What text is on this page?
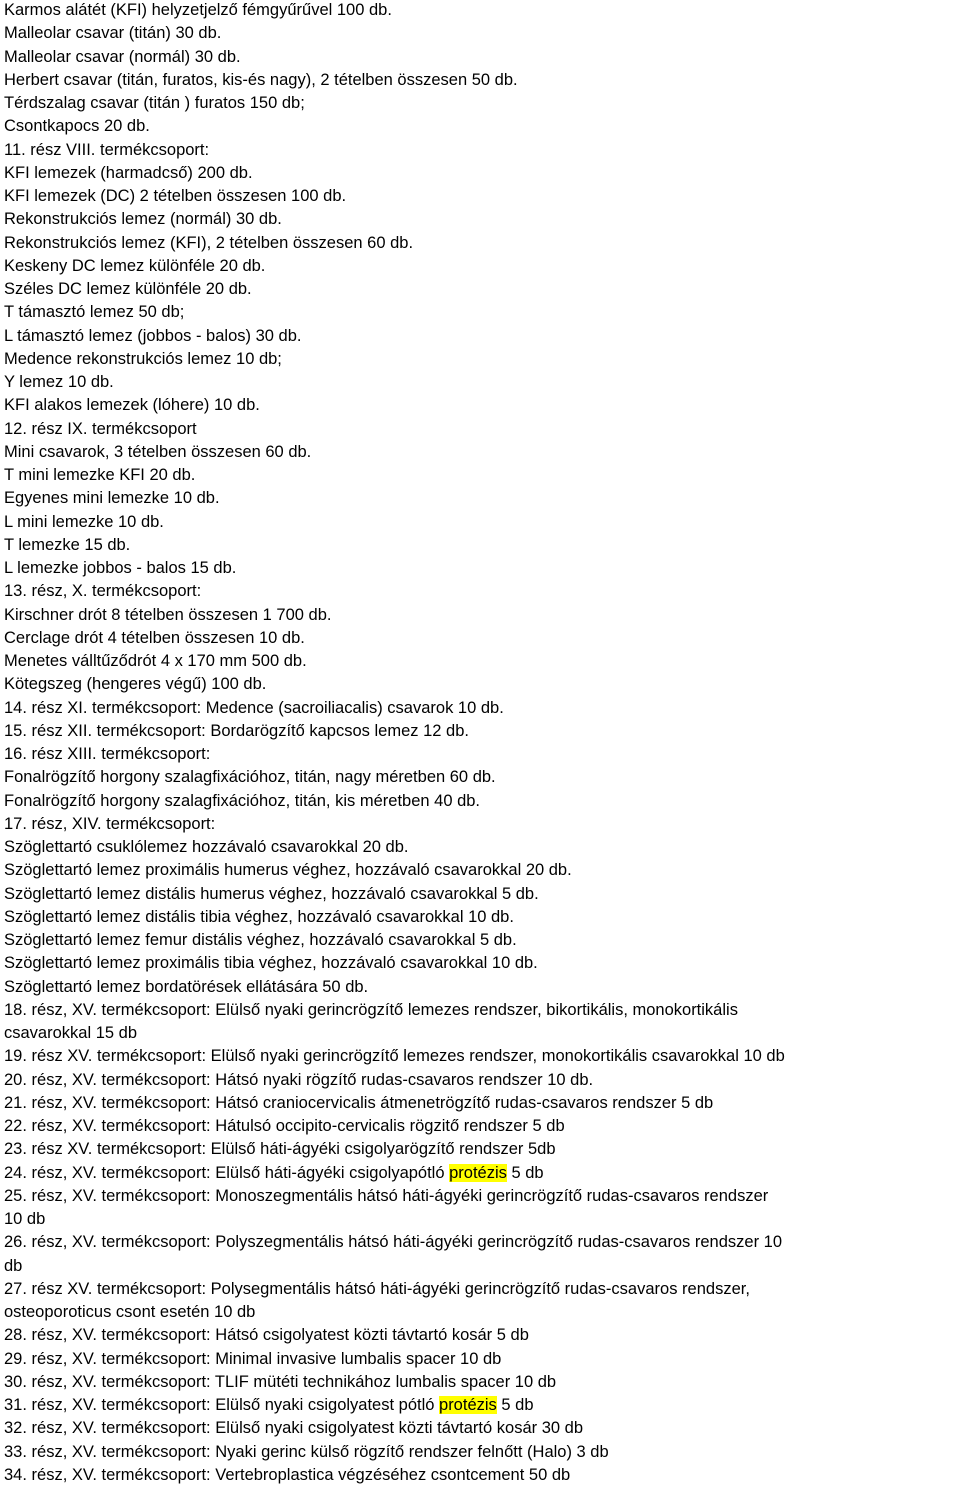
Karmos alátét (KFI) helyzetjelző fémgyűrűvel 100 db.
Malleolar csavar (titán) 30 db.
Malleolar csavar (normál) 30 db.
Herbert csavar (titán, furatos, kis-és nagy), 2 tételben összesen 50 db.
Térdszalag csavar (titán ) furatos 150 db;
Csontkapocs 20 db.
11. rész VIII. termékcsoport:
KFI lemezek (harmadcső) 200 db.
KFI lemezek (DC) 2 tételben összesen 100 db.
Rekonstrukciós lemez (normál) 30 db.
Rekonstrukciós lemez (KFI), 2 tételben összesen 60 db.
Keskeny DC lemez különféle 20 db.
Széles DC lemez különféle 20 db.
T támasztó lemez 50 db;
L támasztó lemez (jobbos - balos) 30 db.
Medence rekonstrukciós lemez 10 db;
Y lemez 10 db.
KFI alakos lemezek (lóhere) 10 db.
12. rész IX. termékcsoport
Mini csavarok, 3 tételben összesen 60 db.
T mini lemezke KFI 20 db.
Egyenes mini lemezke 10 db.
L mini lemezke 10 db.
T lemezke 15 db.
L lemezke jobbos - balos 15 db.
13. rész, X. termékcsoport:
Kirschner drót 8 tételben összesen 1 700 db.
Cerclage drót 4 tételben összesen 10 db.
Menetes válltűződrót 4 x 170 mm 500 db.
Kötegszeg (hengeres végű) 100 db.
14. rész XI. termékcsoport: Medence (sacroiliacalis) csavarok 10 db.
15. rész XII. termékcsoport: Bordarögzítő kapcsos lemez 12 db.
16. rész XIII. termékcsoport:
Fonalrögzítő horgony szalagfixációhoz, titán, nagy méretben 60 db.
Fonalrögzítő horgony szalagfixációhoz, titán, kis méretben 40 db.
17. rész, XIV. termékcsoport:
Szöglettartó csuklólemez hozzávaló csavarokkal 20 db.
Szöglettartó lemez proximális humerus véghez, hozzávaló csavarokkal 20 db.
Szöglettartó lemez distális humerus véghez, hozzávaló csavarokkal 5 db.
Szöglettartó lemez distális tibia véghez, hozzávaló csavarokkal 10 db.
Szöglettartó lemez femur distális véghez, hozzávaló csavarokkal 5 db.
Szöglettartó lemez proximális tibia véghez, hozzávaló csavarokkal 10 db.
Szöglettartó lemez bordatörések ellátására 50 db.
18. rész, XV. termékcsoport: Elülső nyaki gerincrögzítő lemezes rendszer, bikortikális, monokortikális
csavarokkal 15 db
19. rész XV. termékcsoport: Elülső nyaki gerincrögzítő lemezes rendszer, monokortikális csavarokkal 10 db
20. rész, XV. termékcsoport: Hátsó nyaki rögzítő rudas-csavaros rendszer 10 db.
21. rész, XV. termékcsoport: Hátsó craniocervicalis átmenetrögzítő rudas-csavaros rendszer 5 db
22. rész, XV. termékcsoport: Hátulsó occipito-cervicalis rögzitő rendszer 5 db
23. rész XV. termékcsoport: Elülső háti-ágyéki csigolyarögzítő rendszer 5db
24. rész, XV. termékcsoport: Elülső háti-ágyéki csigolyapótló protézis 5 db
25. rész, XV. termékcsoport: Monoszegmentális hátsó háti-ágyéki gerincrögzítő rudas-csavaros rendszer
10 db
26. rész, XV. termékcsoport: Polyszegmentális hátsó háti-ágyéki gerincrögzítő rudas-csavaros rendszer 10
db
27. rész XV. termékcsoport: Polysegmentális hátsó háti-ágyéki gerincrögzítő rudas-csavaros rendszer,
osteoporoticus csont esetén 10 db
28. rész, XV. termékcsoport: Hátsó csigolyatest közti távtartó kosár 5 db
29. rész, XV. termékcsoport: Minimal invasive lumbalis spacer 10 db
30. rész, XV. termékcsoport: TLIF mütéti technikához lumbalis spacer 10 db
31. rész, XV. termékcsoport: Elülső nyaki csigolyatest pótló protézis 5 db
32. rész, XV. termékcsoport: Elülső nyaki csigolyatest közti távtartó kosár 30 db
33. rész, XV. termékcsoport: Nyaki gerinc külső rögzítő rendszer felnőtt (Halo) 3 db
34. rész, XV. termékcsoport: Vertebroplastica végzéséhez csontcement 50 db
